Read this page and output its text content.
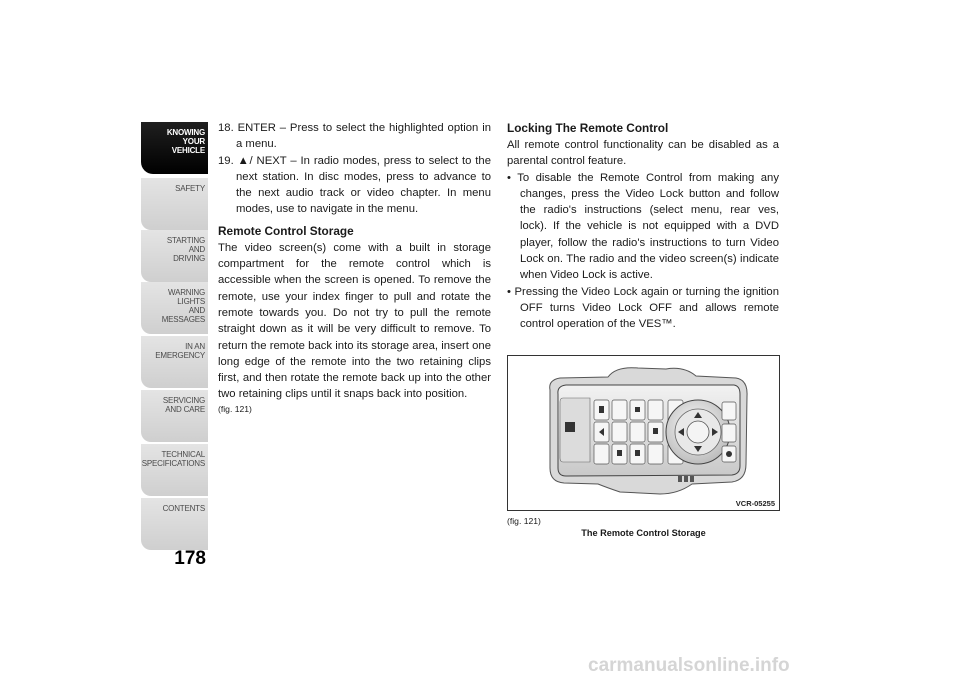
KNOWING
YOUR
VEHICLE
SAFETY
STARTING
AND
DRIVING
WARNING
LIGHTS
AND
MESSAGES
IN AN
EMERGENCY
SERVICING
AND CARE
TECHNICAL
SPECIFICATIONS
CONTENTS
178

18. ENTER – Press to select the highlighted option in a menu.

19. ▲/ NEXT – In radio modes, press to select to the next station. In disc modes, press to advance to the next audio track or video chapter. In menu modes, use to navigate in the menu.

Remote Control Storage

The video screen(s) come with a built in storage compartment for the remote control which is accessible when the screen is opened. To remove the remote, use your index finger to pull and rotate the remote towards you. Do not try to pull the remote straight down as it will be very difficult to remove. To return the remote back into its storage area, insert one long edge of the remote into the two retaining clips first, and then rotate the remote back up into the other two retaining clips until it snaps back into position.

(fig. 121)

Locking The Remote Control

All remote control functionality can be disabled as a parental control feature.

• To disable the Remote Control from making any changes, press the Video Lock button and follow the radio's instructions (select menu, rear ves, lock). If the vehicle is not equipped with a DVD player, follow the radio's instructions to turn Video Lock on. The radio and the video screen(s) indicate when Video Lock is active.

• Pressing the Video Lock again or turning the ignition OFF turns Video Lock OFF and allows remote control operation of the VES™.

VCR-05255
(fig. 121)
The Remote Control Storage
carmanualsonline.info
